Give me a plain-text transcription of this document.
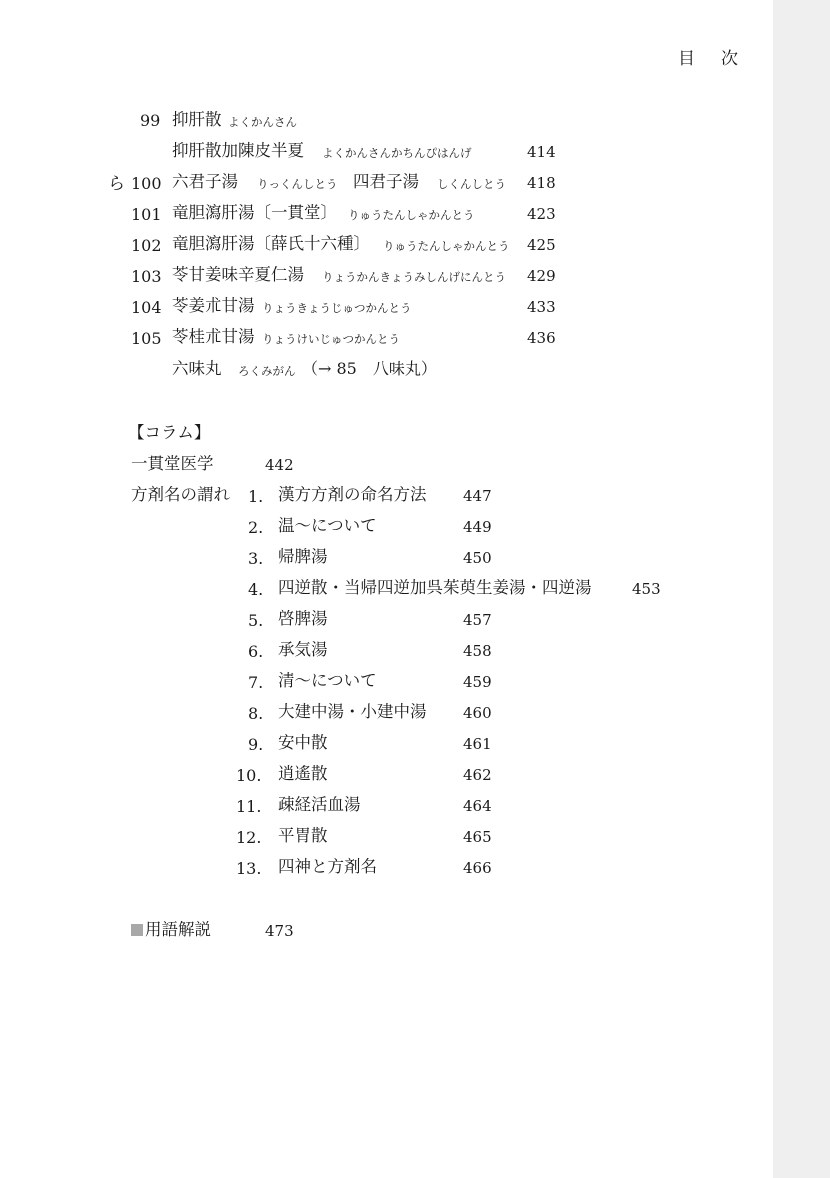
目次
ら
99 抑肝散 よくかんさん
抑肝散加陳皮半夏 よくかんさんかちんぴはんげ	414
100 六君子湯 りっくんしとう 四君子湯 しくんしとう 418
101 竜胆瀉肝湯〔一貫堂〕 りゅうたんしゃかんとう	423
102 竜胆瀉肝湯〔薛氏十六種〕 りゅうたんしゃかんとう 425
103 苓甘姜味辛夏仁湯 りょうかんきょうみしんげにんとう 429
104 苓姜朮甘湯 りょうきょうじゅつかんとう	433
105 苓桂朮甘湯 りょうけいじゅつかんとう	436
六味丸 ろくみがん （→ 85　八味丸）
【コラム】
一貫堂医学	442
方剤名の謂れ 1. 漢方方剤の命名方法 447
2. 温〜について	449
3. 帰脾湯	450
4. 四逆散・当帰四逆加呉茱萸生姜湯・四逆湯	453
5. 啓脾湯	457
6. 承気湯	458
7. 清〜について	459
8. 大建中湯・小建中湯 460
9. 安中散	461
10. 逍遙散	462
11. 疎経活血湯	464
12. 平胃散	465
13. 四神と方剤名	466
用語解説	473
